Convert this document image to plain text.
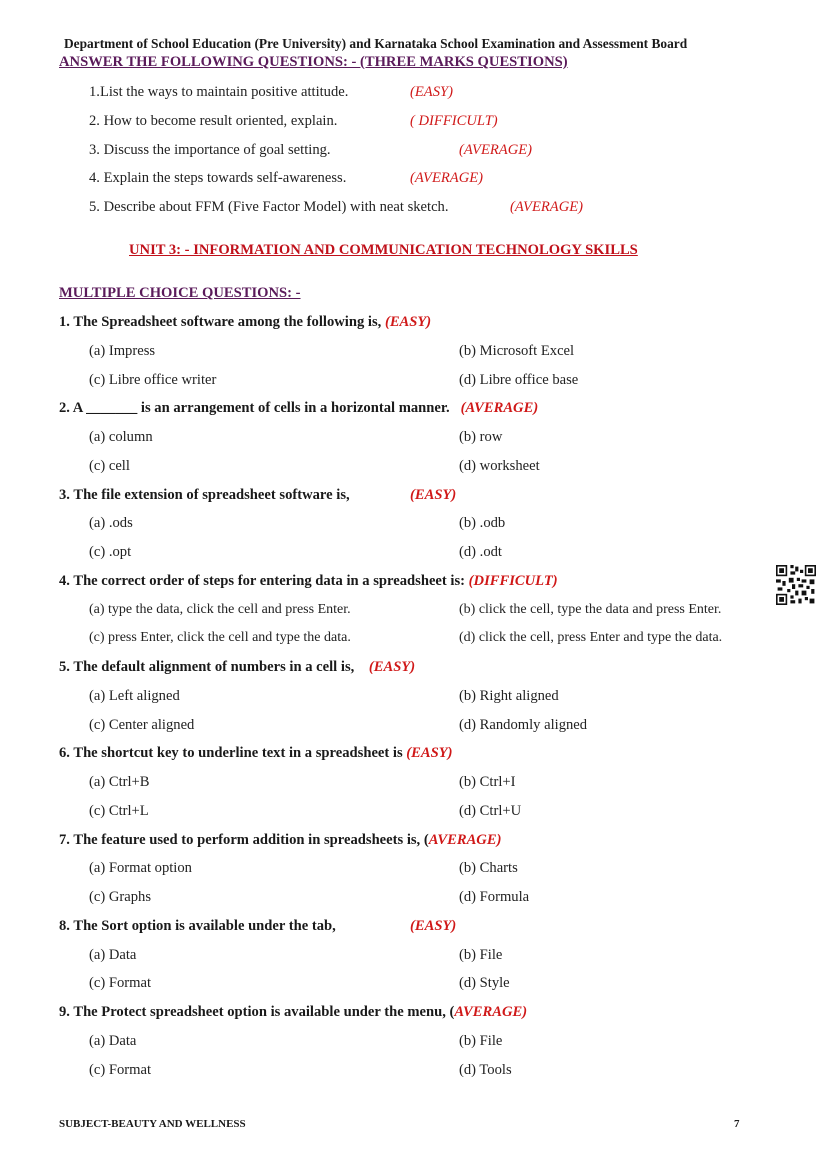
Department of School Education (Pre University) and Karnataka School Examination and Assessment Board
ANSWER THE FOLLOWING QUESTIONS: - (THREE MARKS QUESTIONS)
1.List the ways to maintain positive attitude.	(EASY)
2. How to become result oriented, explain.	( DIFFICULT)
3. Discuss the importance of goal setting.	(AVERAGE)
4. Explain the steps towards self-awareness.	(AVERAGE)
5. Describe about FFM (Five Factor Model) with neat sketch.	(AVERAGE)
UNIT 3: - INFORMATION AND COMMUNICATION TECHNOLOGY SKILLS
MULTIPLE CHOICE QUESTIONS: -
1. The Spreadsheet software among the following is, (EASY)
(a) Impress	(b) Microsoft Excel
(c) Libre office writer	(d) Libre office base
2. A _______ is an arrangement of cells in a horizontal manner. (AVERAGE)
(a) column	(b) row
(c) cell	(d) worksheet
3. The file extension of spreadsheet software is,	(EASY)
(a) .ods	(b) .odb
(c) .opt	(d) .odt
4. The correct order of steps for entering data in a spreadsheet is: (DIFFICULT)
(a) type the data, click the cell and press Enter.	(b) click the cell, type the data and press Enter.
(c) press Enter, click the cell and type the data.	(d) click the cell, press Enter and type the data.
5. The default alignment of numbers in a cell is, (EASY)
(a) Left aligned	(b) Right aligned
(c) Center aligned	(d) Randomly aligned
6. The shortcut key to underline text in a spreadsheet is (EASY)
(a) Ctrl+B	(b) Ctrl+I
(c) Ctrl+L	(d) Ctrl+U
7. The feature used to perform addition in spreadsheets is, (AVERAGE)
(a) Format option	(b) Charts
(c) Graphs	(d) Formula
8. The Sort option is available under the tab,	(EASY)
(a) Data	(b) File
(c) Format	(d) Style
9. The Protect spreadsheet option is available under the menu, (AVERAGE)
(a) Data	(b) File
(c) Format	(d) Tools
SUBJECT-BEAUTY AND WELLNESS	7
